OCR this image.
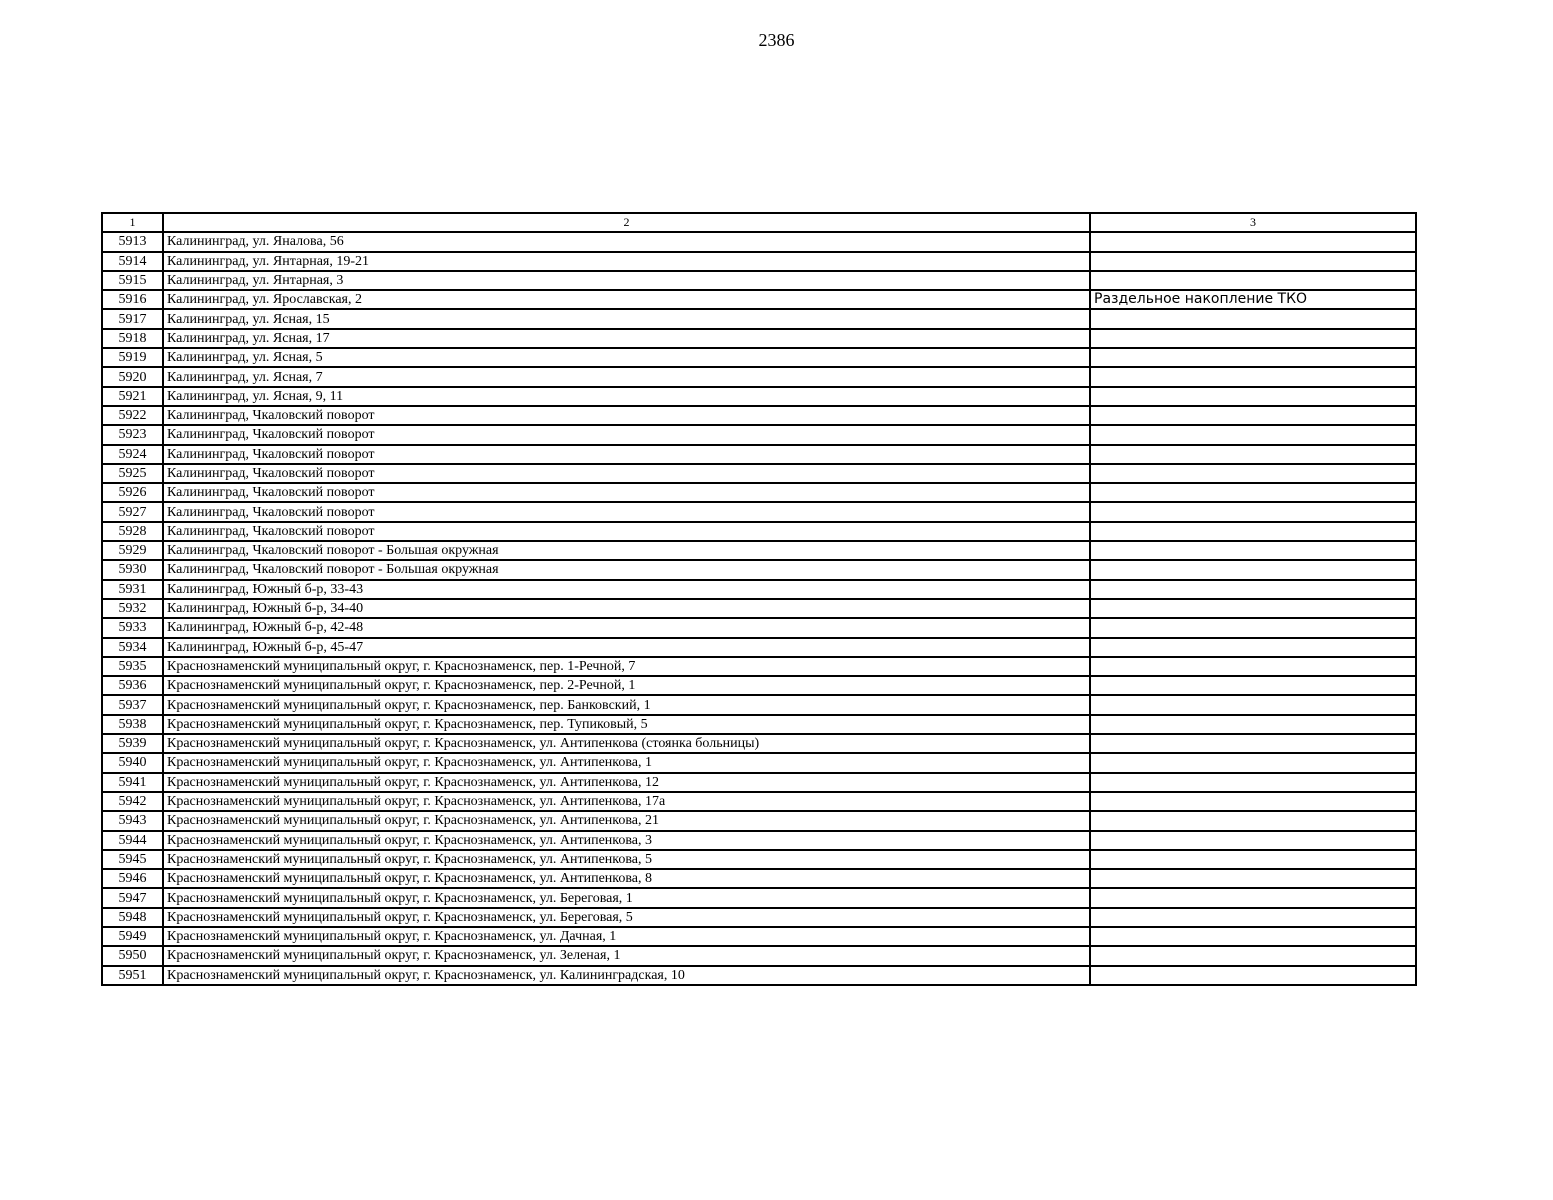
2386
1	2	3
5913	Калининград, ул. Яналова, 56	
5914	Калининград, ул. Янтарная, 19-21	
5915	Калининград, ул. Янтарная, 3	
5916	Калининград, ул. Ярославская, 2	Раздельное накопление ТКО
5917	Калининград, ул. Ясная, 15	
5918	Калининград, ул. Ясная, 17	
5919	Калининград, ул. Ясная, 5	
5920	Калининград, ул. Ясная, 7	
5921	Калининград, ул. Ясная, 9, 11	
5922	Калининград, Чкаловский поворот	
5923	Калининград, Чкаловский поворот	
5924	Калининград, Чкаловский поворот	
5925	Калининград, Чкаловский поворот	
5926	Калининград, Чкаловский поворот	
5927	Калининград, Чкаловский поворот	
5928	Калининград, Чкаловский поворот	
5929	Калининград, Чкаловский поворот - Большая окружная	
5930	Калининград, Чкаловский поворот - Большая окружная	
5931	Калининград, Южный б-р, 33-43	
5932	Калининград, Южный б-р, 34-40	
5933	Калининград, Южный б-р, 42-48	
5934	Калининград, Южный б-р, 45-47	
5935	Краснознаменский муниципальный округ, г. Краснознаменск, пер. 1-Речной, 7	
5936	Краснознаменский муниципальный округ, г. Краснознаменск, пер. 2-Речной, 1	
5937	Краснознаменский муниципальный округ, г. Краснознаменск, пер. Банковский, 1	
5938	Краснознаменский муниципальный округ, г. Краснознаменск, пер. Тупиковый, 5	
5939	Краснознаменский муниципальный округ, г. Краснознаменск, ул. Антипенкова (стоянка больницы)	
5940	Краснознаменский муниципальный округ, г. Краснознаменск, ул. Антипенкова, 1	
5941	Краснознаменский муниципальный округ, г. Краснознаменск, ул. Антипенкова, 12	
5942	Краснознаменский муниципальный округ, г. Краснознаменск, ул. Антипенкова, 17а	
5943	Краснознаменский муниципальный округ, г. Краснознаменск, ул. Антипенкова, 21	
5944	Краснознаменский муниципальный округ, г. Краснознаменск, ул. Антипенкова, 3	
5945	Краснознаменский муниципальный округ, г. Краснознаменск, ул. Антипенкова, 5	
5946	Краснознаменский муниципальный округ, г. Краснознаменск, ул. Антипенкова, 8	
5947	Краснознаменский муниципальный округ, г. Краснознаменск, ул. Береговая, 1	
5948	Краснознаменский муниципальный округ, г. Краснознаменск, ул. Береговая, 5	
5949	Краснознаменский муниципальный округ, г. Краснознаменск, ул. Дачная, 1	
5950	Краснознаменский муниципальный округ, г. Краснознаменск, ул. Зеленая, 1	
5951	Краснознаменский муниципальный округ, г. Краснознаменск, ул. Калининградская, 10	
